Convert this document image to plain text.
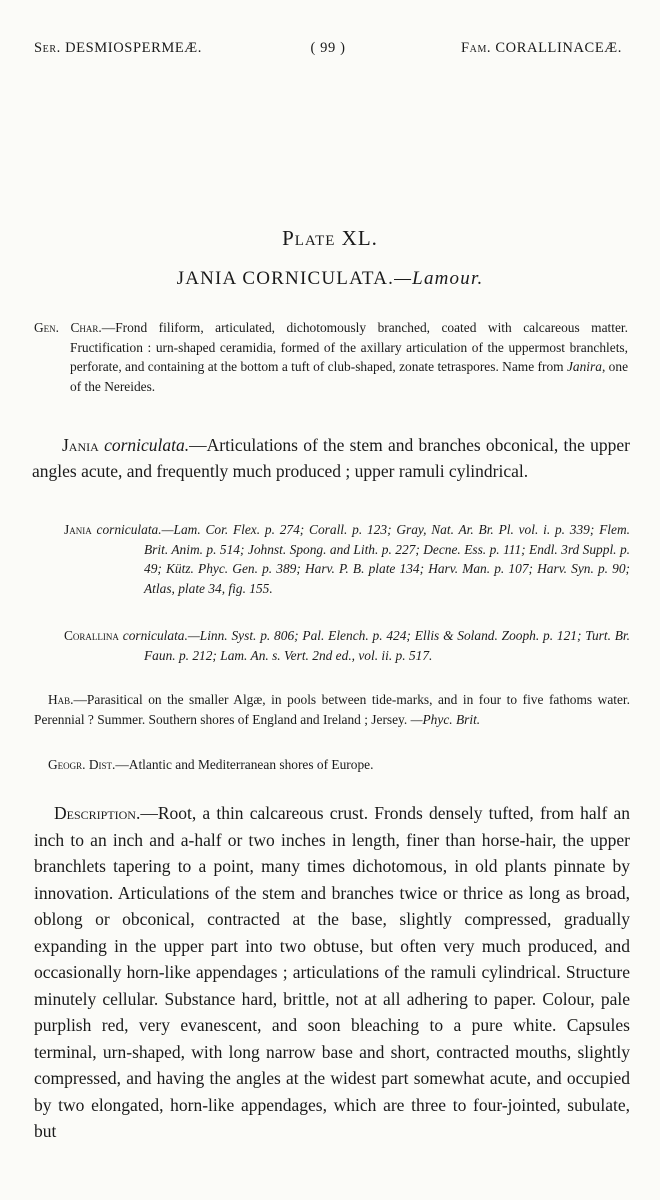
Ser. DESMIOSPERMEÆ.	( 99 )	Fam. CORALLINACEÆ.
Plate XL.
JANIA CORNICULATA.—Lamour.

Gen. Char.—Frond filiform, articulated, dichotomously branched, coated with calcareous matter. Fructification : urn-shaped ceramidia, formed of the axillary articulation of the uppermost branchlets, perforate, and containing at the bottom a tuft of club-shaped, zonate tetraspores. Name from Janira, one of the Nereides.

Jania corniculata.—Articulations of the stem and branches obconical, the upper angles acute, and frequently much produced ; upper ramuli cylindrical.

Jania corniculata.—Lam. Cor. Flex. p. 274; Corall. p. 123; Gray, Nat. Ar. Br. Pl. vol. i. p. 339; Flem. Brit. Anim. p. 514; Johnst. Spong. and Lith. p. 227; Decne. Ess. p. 111; Endl. 3rd Suppl. p. 49; Kütz. Phyc. Gen. p. 389; Harv. P. B. plate 134; Harv. Man. p. 107; Harv. Syn. p. 90; Atlas, plate 34, fig. 155.

Corallina corniculata.—Linn. Syst. p. 806; Pal. Elench. p. 424; Ellis & Soland. Zooph. p. 121; Turt. Br. Faun. p. 212; Lam. An. s. Vert. 2nd ed., vol. ii. p. 517.

Hab.—Parasitical on the smaller Algæ, in pools between tide-marks, and in four to five fathoms water. Perennial ? Summer. Southern shores of England and Ireland ; Jersey. —Phyc. Brit.

Geogr. Dist.—Atlantic and Mediterranean shores of Europe.

Description.—Root, a thin calcareous crust. Fronds densely tufted, from half an inch to an inch and a-half or two inches in length, finer than horse-hair, the upper branchlets tapering to a point, many times dichotomous, in old plants pinnate by innovation. Articulations of the stem and branches twice or thrice as long as broad, oblong or obconical, contracted at the base, slightly compressed, gradually expanding in the upper part into two obtuse, but often very much produced, and occasionally horn-like appendages ; articulations of the ramuli cylindrical. Structure minutely cellular. Substance hard, brittle, not at all adhering to paper. Colour, pale purplish red, very evanescent, and soon bleaching to a pure white. Capsules terminal, urn-shaped, with long narrow base and short, contracted mouths, slightly compressed, and having the angles at the widest part somewhat acute, and occupied by two elongated, horn-like appendages, which are three to four-jointed, subulate, but
